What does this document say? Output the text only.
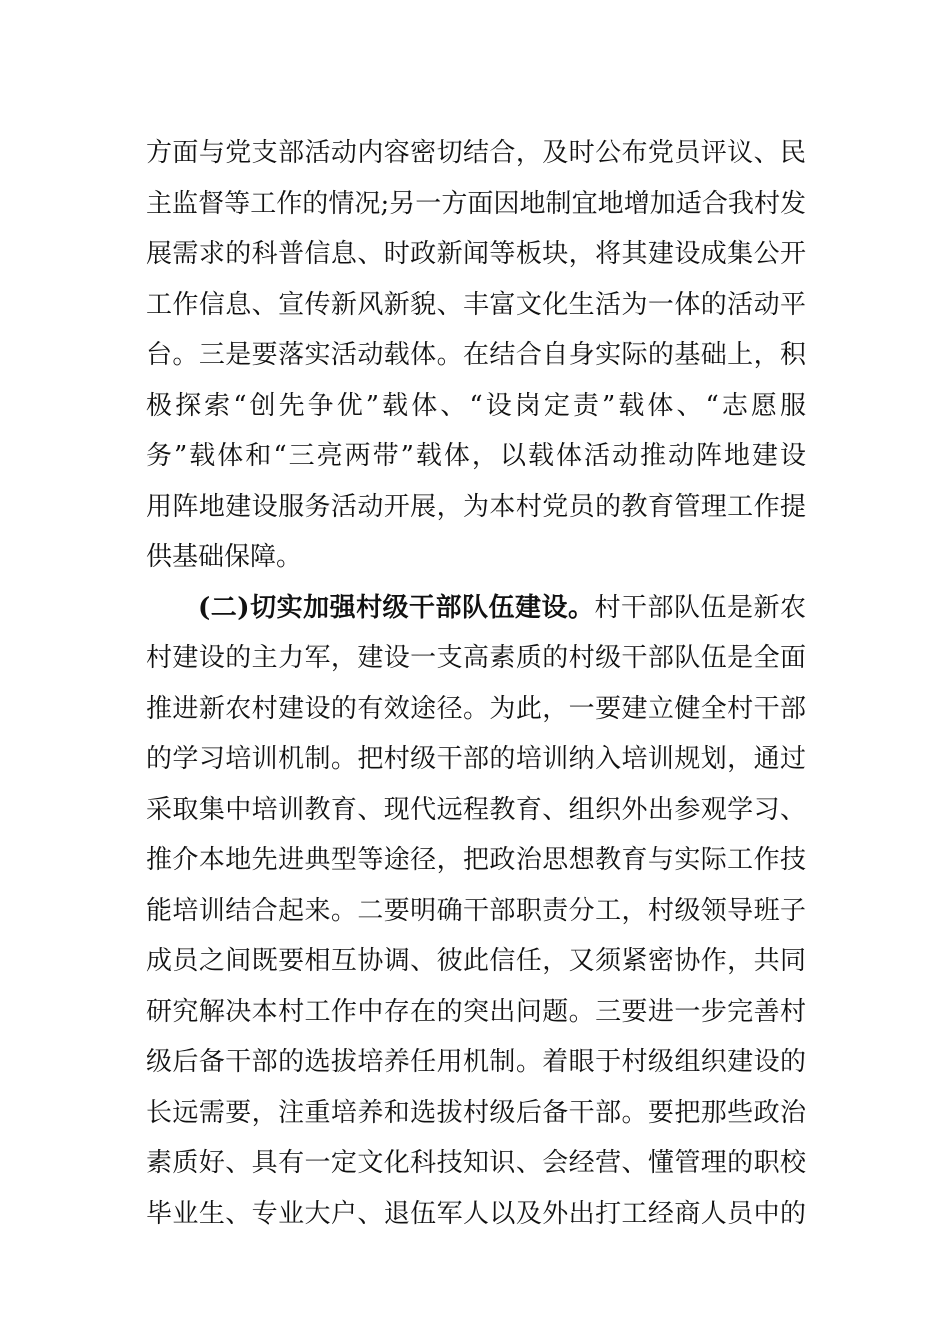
方面与党支部活动内容密切结合，及时公布党员评议、民
主监督等工作的情况;另一方面因地制宜地增加适合我村发
展需求的科普信息、时政新闻等板块，将其建设成集公开
工作信息、宣传新风新貌、丰富文化生活为一体的活动平
台。三是要落实活动载体。在结合自身实际的基础上，积
极探索“创先争优”载体、“设岗定责”载体、“志愿服
务”载体和“三亮两带”载体，以载体活动推动阵地建设
用阵地建设服务活动开展，为本村党员的教育管理工作提
供基础保障。
(二)切实加强村级干部队伍建设。村干部队伍是新农
村建设的主力军，建设一支高素质的村级干部队伍是全面
推进新农村建设的有效途径。为此，一要建立健全村干部
的学习培训机制。把村级干部的培训纳入培训规划，通过
采取集中培训教育、现代远程教育、组织外出参观学习、
推介本地先进典型等途径，把政治思想教育与实际工作技
能培训结合起来。二要明确干部职责分工，村级领导班子
成员之间既要相互协调、彼此信任，又须紧密协作，共同
研究解决本村工作中存在的突出问题。三要进一步完善村
级后备干部的选拔培养任用机制。着眼于村级组织建设的
长远需要，注重培养和选拔村级后备干部。要把那些政治
素质好、具有一定文化科技知识、会经营、懂管理的职校
毕业生、专业大户、退伍军人以及外出打工经商人员中的
